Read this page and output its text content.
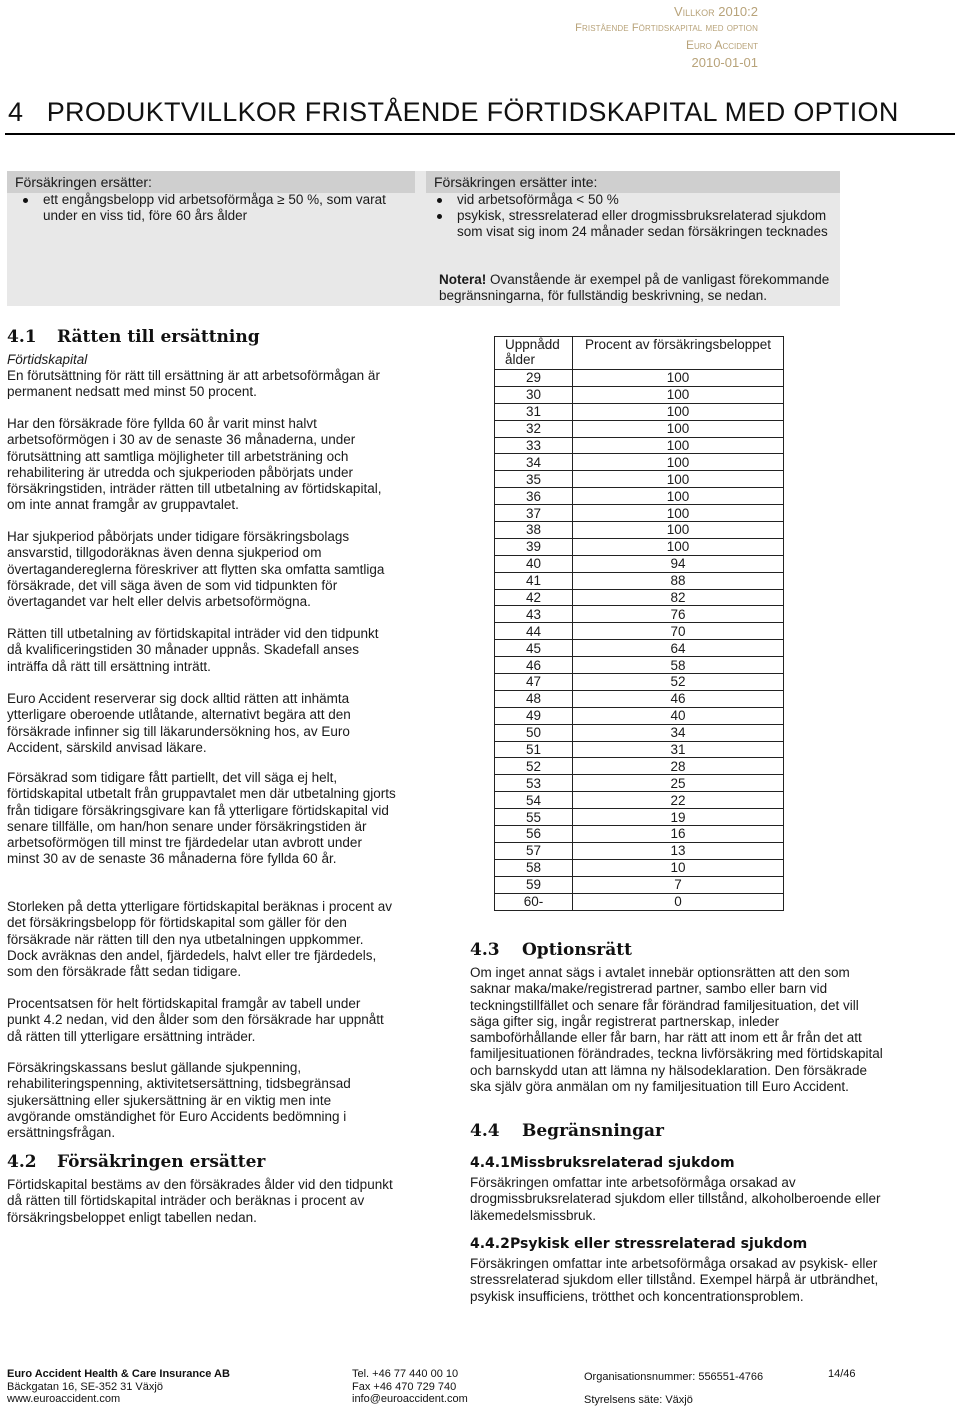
Villkor 2010:2
Fristående Förtidskapital med option
Euro Accident
2010-01-01
4   PRODUKTVILLKOR FRISTÅENDE FÖRTIDSKAPITAL MED OPTION
Försäkringen ersätter:	Försäkringen ersätter inte:
ett engångsbelopp vid arbetsoförmåga ≥ 50 %, som varat under en viss tid, före 60 års ålder
vid arbetsoförmåga < 50 %
psykisk, stressrelaterad eller drogmissbruksrelaterad sjukdom som visat sig inom 24 månader sedan försäkringen tecknades
Notera! Ovanstående är exempel på de vanligast förekommande begränsningarna, för fullständig beskrivning, se nedan.
4.1 Rätten till ersättning
Förtidskapital
En förutsättning för rätt till ersättning är att arbetsoförmågan är permanent nedsatt med minst 50 procent.
Har den försäkrade före fyllda 60 år varit minst halvt arbetsoförmögen i 30 av de senaste 36 månaderna, under förutsättning att samtliga möjligheter till arbetsträning och rehabilitering är utredda och sjukperioden påbörjats under försäkringstiden, inträder rätten till utbetalning av förtidskapital, om inte annat framgår av gruppavtalet.
Har sjukperiod påbörjats under tidigare försäkringsbolags ansvarstid, tillgodoräknas även denna sjukperiod om övertagandereglerna föreskriver att flytten ska omfatta samtliga försäkrade, det vill säga även de som vid tidpunkten för övertagandet var helt eller delvis arbetsoförmögna.
Rätten till utbetalning av förtidskapital inträder vid den tidpunkt då kvalificeringstiden 30 månader uppnås. Skadefall anses inträffa då rätt till ersättning inträtt.
Euro Accident reserverar sig dock alltid rätten att inhämta ytterligare oberoende utlåtande, alternativt begära att den försäkrade infinner sig till läkarundersökning hos, av Euro Accident, särskild anvisad läkare.
Försäkrad som tidigare fått partiellt, det vill säga ej helt, förtidskapital utbetalt från gruppavtalet men där utbetalning gjorts från tidigare försäkringsgivare kan få ytterligare förtidskapital vid senare tillfälle, om han/hon senare under försäkringstiden är arbetsoförmögen till minst tre fjärdedelar utan avbrott under minst 30 av de senaste 36 månaderna före fyllda 60 år.
Storleken på detta ytterligare förtidskapital beräknas i procent av det försäkringsbelopp för förtidskapital som gäller för den försäkrade när rätten till den nya utbetalningen uppkommer. Dock avräknas den andel, fjärdedels, halvt eller tre fjärdedels, som den försäkrade fått sedan tidigare.
Procentsatsen för helt förtidskapital framgår av tabell under punkt 4.2 nedan, vid den ålder som den försäkrade har uppnått då rätten till ytterligare ersättning inträder.
Försäkringskassans beslut gällande sjukpenning, rehabiliteringspenning, aktivitetsersättning, tidsbegränsad sjukersättning eller sjukersättning är en viktig men inte avgörande omständighet för Euro Accidents bedömning i ersättningsfrågan.
4.2 Försäkringen ersätter
Förtidskapital bestäms av den försäkrades ålder vid den tidpunkt då rätten till förtidskapital inträder och beräknas i procent av försäkringsbeloppet enligt tabellen nedan.
Uppnådd ålder	Procent av försäkringsbeloppet
29	100
30	100
31	100
32	100
33	100
34	100
35	100
36	100
37	100
38	100
39	100
40	94
41	88
42	82
43	76
44	70
45	64
46	58
47	52
48	46
49	40
50	34
51	31
52	28
53	25
54	22
55	19
56	16
57	13
58	10
59	7
60-	0
4.3 Optionsrätt
Om inget annat sägs i avtalet innebär optionsrätten att den som saknar maka/make/registrerad partner, sambo eller barn vid teckningstillfället och senare får förändrad familjesituation, det vill säga gifter sig, ingår registrerat partnerskap, inleder samboförhållande eller får barn, har rätt att inom ett år från det att familjesituationen förändrades, teckna livförsäkring med förtidskapital och barnskydd utan att lämna ny hälsodeklaration. Den försäkrade ska själv göra anmälan om ny familjesituation till Euro Accident.
4.4 Begränsningar
4.4.1Missbruksrelaterad sjukdom
Försäkringen omfattar inte arbetsoförmåga orsakad av drogmissbruksrelaterad sjukdom eller tillstånd, alkoholberoende eller läkemedelsmissbruk.
4.4.2Psykisk eller stressrelaterad sjukdom
Försäkringen omfattar inte arbetsoförmåga orsakad av psykisk- eller stressrelaterad sjukdom eller tillstånd. Exempel härpå är utbrändhet, psykisk insufficiens, trötthet och koncentrationsproblem.
Euro Accident Health & Care Insurance AB
Bäckgatan 16, SE-352 31 Växjö
www.euroaccident.com
Tel. +46 77 440 00 10
Fax +46 470 729 740
info@euroaccident.com
Organisationsnummer: 556551-4766
Styrelsens säte: Växjö
14/46
